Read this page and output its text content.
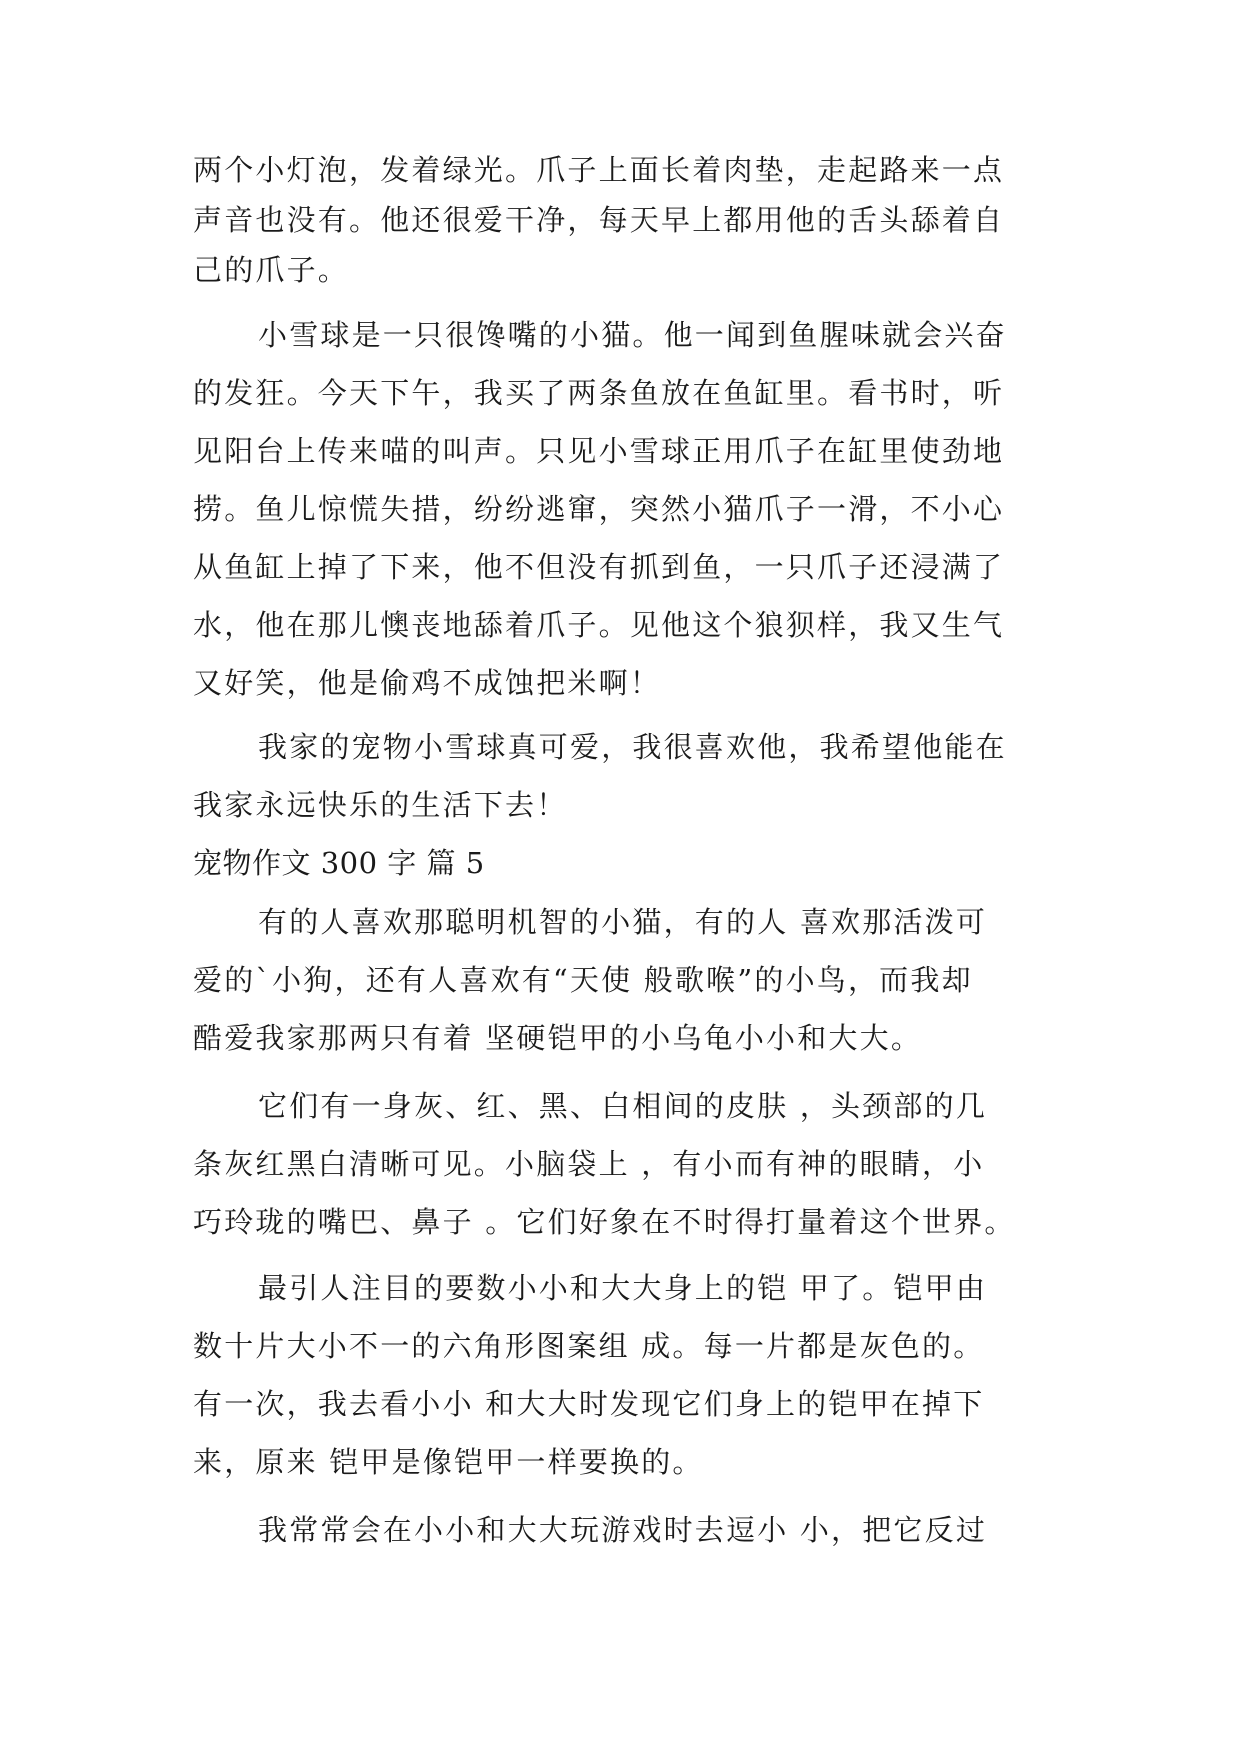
两个小灯泡，发着绿光。爪子上面长着肉垫，走起路来一点
声音也没有。他还很爱干净，每天早上都用他的舌头舔着自
己的爪子。
小雪球是一只很馋嘴的小猫。他一闻到鱼腥味就会兴奋
的发狂。今天下午，我买了两条鱼放在鱼缸里。看书时，听
见阳台上传来喵的叫声。只见小雪球正用爪子在缸里使劲地
捞。鱼儿惊慌失措，纷纷逃窜，突然小猫爪子一滑，不小心
从鱼缸上掉了下来，他不但没有抓到鱼，一只爪子还浸满了
水，他在那儿懊丧地舔着爪子。见他这个狼狈样，我又生气
又好笑，他是偷鸡不成蚀把米啊！
我家的宠物小雪球真可爱，我很喜欢他，我希望他能在
我家永远快乐的生活下去！
宠物作文 300 字 篇 5
有的人喜欢那聪明机智的小猫，有的人 喜欢那活泼可
爱的`小狗，还有人喜欢有“天使 般歌喉”的小鸟，而我却
酷爱我家那两只有着 坚硬铠甲的小乌龟小小和大大。
它们有一身灰、红、黑、白相间的皮肤 ，头颈部的几
条灰红黑白清晰可见。小脑袋上 ，有小而有神的眼睛，小
巧玲珑的嘴巴、鼻子 。它们好象在不时得打量着这个世界。
最引人注目的要数小小和大大身上的铠 甲了。铠甲由
数十片大小不一的六角形图案组 成。每一片都是灰色的。
有一次，我去看小小 和大大时发现它们身上的铠甲在掉下
来，原来 铠甲是像铠甲一样要换的。
我常常会在小小和大大玩游戏时去逗小 小，把它反过
